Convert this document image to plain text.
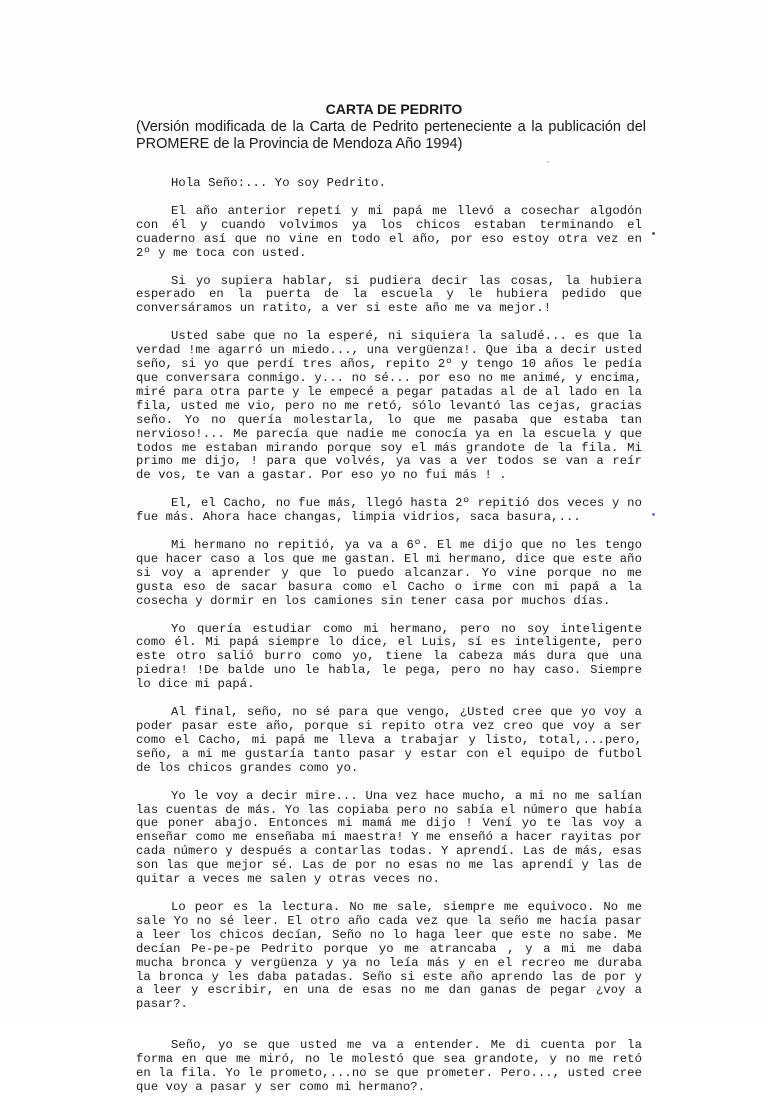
CARTA DE PEDRITO
(Versión modificada de la Carta de Pedrito perteneciente a la publicación del PROMERE de la Provincia de Mendoza Año 1994)

Hola Seño:... Yo soy Pedrito.

El año anterior repetí y mi papá me llevó a cosechar algodón con él y cuando volvimos ya los chicos estaban terminando el cuaderno así que no vine en todo el año, por eso estoy otra vez en 2º y me toca con usted.

Si yo supiera hablar, si pudiera decir las cosas, la hubiera esperado en la puerta de la escuela y le hubiera pedido que conversáramos un ratito, a ver si este año me va mejor.!

Usted sabe que no la esperé, ni siquiera la saludé... es que la verdad !me agarró un miedo..., una vergüenza!. Que iba a decir usted seño, si yo que perdí tres años, repito 2º y tengo 10 años le pedía que conversara conmigo. y... no sé... por eso no me animé, y encima, miré para otra parte y le empecé a pegar patadas al de al lado en la fila, usted me vio, pero no me retó, sólo levantó las cejas, gracias seño. Yo no quería molestarla, lo que me pasaba que estaba tan nervioso!... Me parecía que nadie me conocía ya en la escuela y que todos me estaban mirando porque soy el más grandote de la fila. Mi primo me dijo, ! para que volvés, ya vas a ver todos se van a reír de vos, te van a gastar. Por eso yo no fui más ! .

El, el Cacho, no fue más, llegó hasta 2º repitió dos veces y no fue más. Ahora hace changas, limpia vidrios, saca basura,...

Mi hermano no repitió, ya va a 6º. El me dijo que no les tengo que hacer caso a los que me gastan. El mi hermano, dice que este año si voy a aprender y que lo puedo alcanzar. Yo vine porque no me gusta eso de sacar basura como el Cacho o irme con mi papá a la cosecha y dormir en los camiones sin tener casa por muchos días.

Yo quería estudiar como mi hermano, pero no soy inteligente como él. Mi papá siempre lo dice, el Luis, sí es inteligente, pero este otro salió burro como yo, tiene la cabeza más dura que una piedra! !De balde uno le habla, le pega, pero no hay caso. Siempre lo dice mi papá.

Al final, seño, no sé para que vengo, ¿Usted cree que yo voy a poder pasar este año, porque si repito otra vez creo que voy a ser como el Cacho, mi papá me lleva a trabajar y listo, total,...pero, seño, a mi me gustaría tanto pasar y estar con el equipo de futbol de los chicos grandes como yo.

Yo le voy a decir mire... Una vez hace mucho, a mi no me salían las cuentas de más. Yo las copiaba pero no sabía el número que había que poner abajo. Entonces mi mamá me dijo ! Vení yo te las voy a enseñar como me enseñaba mi maestra! Y me enseñó a hacer rayitas por cada número y después a contarlas todas. Y aprendí. Las de más, esas son las que mejor sé. Las de por no esas no me las aprendí y las de quitar a veces me salen y otras veces no.

Lo peor es la lectura. No me sale, siempre me equivoco. No me sale Yo no sé leer. El otro año cada vez que la seño me hacía pasar a leer los chicos decían, Seño no lo haga leer que este no sabe. Me decían Pe-pe-pe Pedrito porque yo me atrancaba , y a mi me daba mucha bronca y vergüenza y ya no leía más y en el recreo me duraba la bronca y les daba patadas. Seño si este año aprendo las de por y a leer y escribir, en una de esas no me dan ganas de pegar ¿voy a pasar?.

Seño, yo se que usted me va a entender. Me di cuenta por la forma en que me miró, no le molestó que sea grandote, y no me retó en la fila. Yo le prometo,...no se que prometer. Pero..., usted cree que voy a pasar y ser como mi hermano?.
